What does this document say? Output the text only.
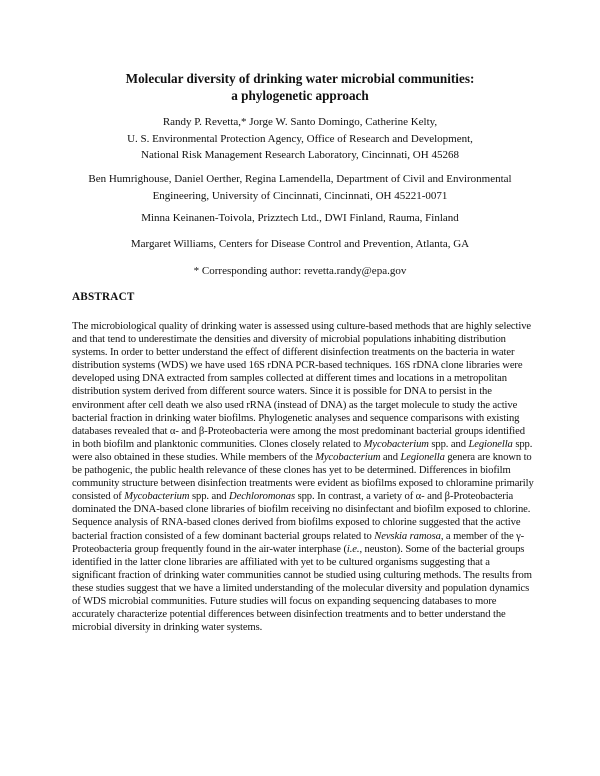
Molecular diversity of drinking water microbial communities:
a phylogenetic approach
Randy P. Revetta,* Jorge W. Santo Domingo, Catherine Kelty,
U. S. Environmental Protection Agency, Office of Research and Development,
National Risk Management Research Laboratory, Cincinnati, OH 45268
Ben Humrighouse, Daniel Oerther, Regina Lamendella, Department of Civil and Environmental
Engineering, University of Cincinnati, Cincinnati, OH 45221-0071
Minna Keinanen-Toivola, Prizztech Ltd., DWI Finland, Rauma, Finland
Margaret Williams, Centers for Disease Control and Prevention, Atlanta, GA
* Corresponding author: revetta.randy@epa.gov
ABSTRACT

The microbiological quality of drinking water is assessed using culture-based methods that are highly selective and that tend to underestimate the densities and diversity of microbial populations inhabiting distribution systems. In order to better understand the effect of different disinfection treatments on the bacteria in water distribution systems (WDS) we have used 16S rDNA PCR-based techniques. 16S rDNA clone libraries were developed using DNA extracted from samples collected at different times and locations in a metropolitan distribution system derived from different source waters. Since it is possible for DNA to persist in the environment after cell death we also used rRNA (instead of DNA) as the target molecule to study the active bacterial fraction in drinking water biofilms. Phylogenetic analyses and sequence comparisons with existing databases revealed that α- and β-Proteobacteria were among the most predominant bacterial groups identified in both biofilm and planktonic communities. Clones closely related to Mycobacterium spp. and Legionella spp. were also obtained in these studies. While members of the Mycobacterium and Legionella genera are known to be pathogenic, the public health relevance of these clones has yet to be determined. Differences in biofilm community structure between disinfection treatments were evident as biofilms exposed to chloramine primarily consisted of Mycobacterium spp. and Dechloromonas spp. In contrast, a variety of α- and β-Proteobacteria dominated the DNA-based clone libraries of biofilm receiving no disinfectant and biofilm exposed to chlorine. Sequence analysis of RNA-based clones derived from biofilms exposed to chlorine suggested that the active bacterial fraction consisted of a few dominant bacterial groups related to Nevskia ramosa, a member of the γ-Proteobacteria group frequently found in the air-water interphase (i.e., neuston). Some of the bacterial groups identified in the latter clone libraries are affiliated with yet to be cultured organisms suggesting that a significant fraction of drinking water communities cannot be studied using culturing methods. The results from these studies suggest that we have a limited understanding of the molecular diversity and population dynamics of WDS microbial communities. Future studies will focus on expanding sequencing databases to more accurately characterize potential differences between disinfection treatments and to better understand the microbial diversity in drinking water systems.
